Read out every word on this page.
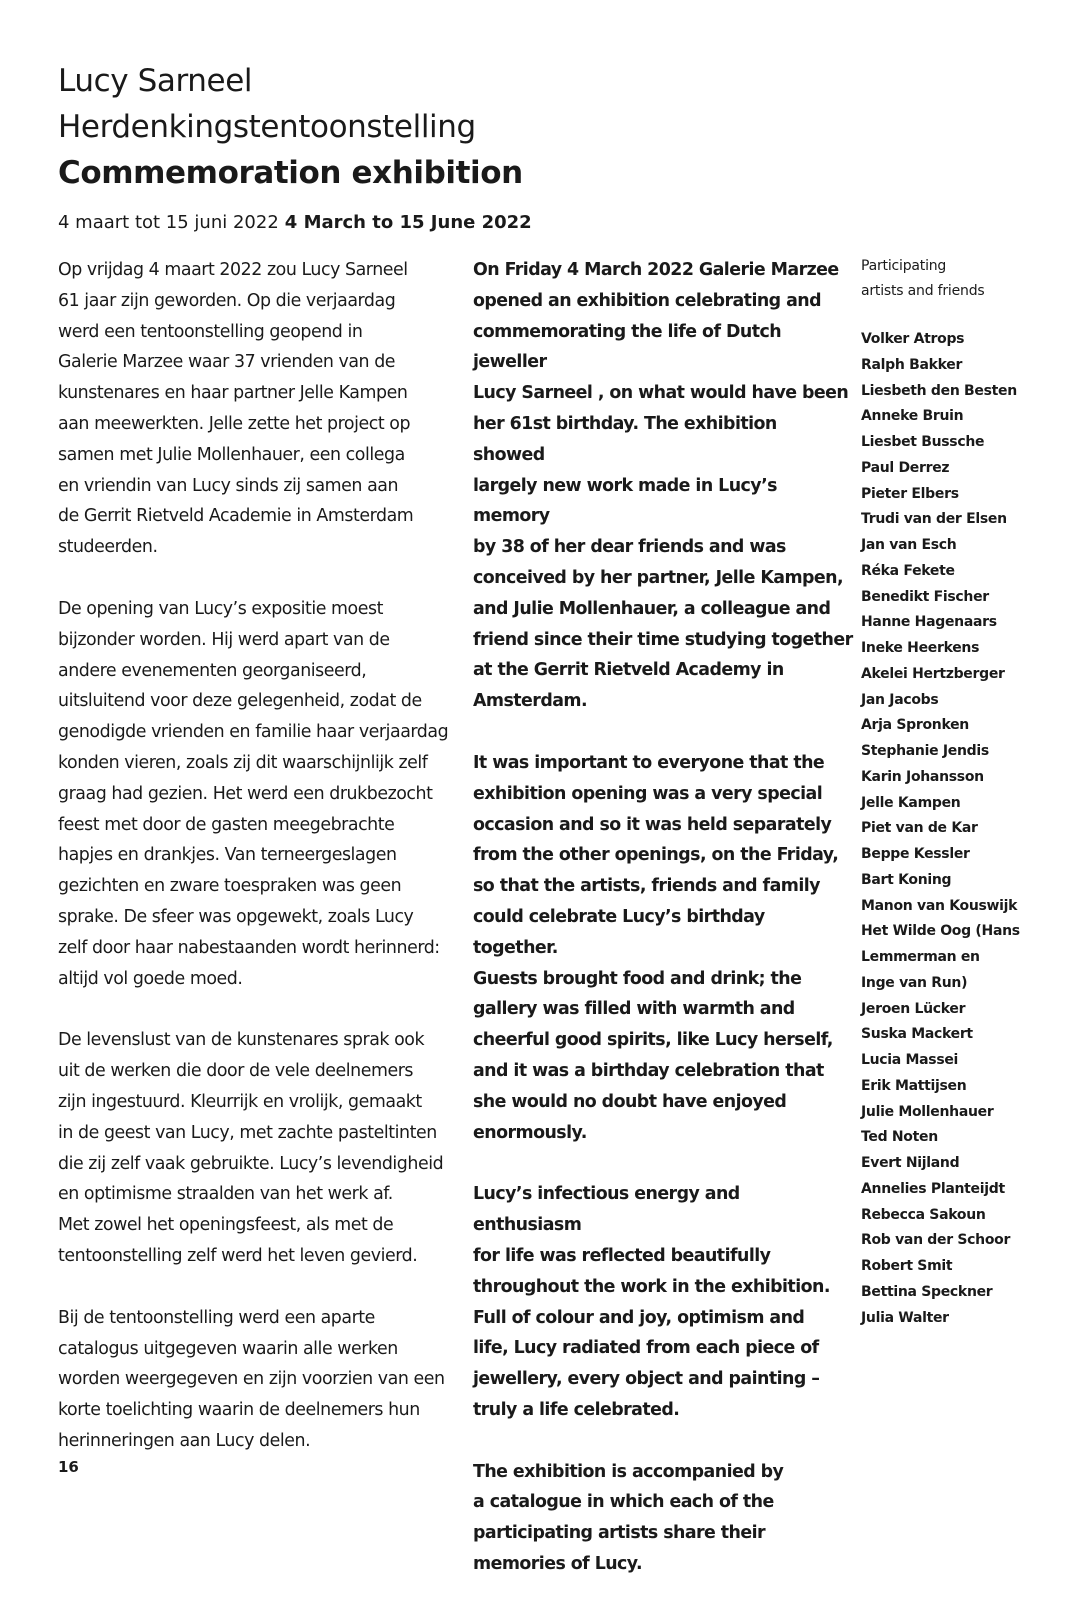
Lucy Sarneel
Herdenkingstentoonstelling
Commemoration exhibition
4 maart tot 15 juni 2022 4 March to 15 June 2022

Op vrijdag 4 maart 2022 zou Lucy Sarneel
61 jaar zijn geworden. Op die verjaardag
werd een tentoonstelling geopend in
Galerie Marzee waar 37 vrienden van de
kunstenares en haar partner Jelle Kampen
aan meewerkten. Jelle zette het project op
samen met Julie Mollenhauer, een collega
en vriendin van Lucy sinds zij samen aan
de Gerrit Rietveld Academie in Amsterdam
studeerden.

De opening van Lucy’s expositie moest
bijzonder worden. Hij werd apart van de
andere evenementen georganiseerd,
uitsluitend voor deze gelegenheid, zodat de
genodigde vrienden en familie haar verjaardag
konden vieren, zoals zij dit waarschijnlijk zelf
graag had gezien. Het werd een drukbezocht
feest met door de gasten meegebrachte
hapjes en drankjes. Van terneergeslagen
gezichten en zware toespraken was geen
sprake. De sfeer was opgewekt, zoals Lucy
zelf door haar nabestaanden wordt herinnerd:
altijd vol goede moed.

De levenslust van de kunstenares sprak ook
uit de werken die door de vele deelnemers
zijn ingestuurd. Kleurrijk en vrolijk, gemaakt
in de geest van Lucy, met zachte pasteltinten
die zij zelf vaak gebruikte. Lucy’s levendigheid
en optimisme straalden van het werk af.
Met zowel het openingsfeest, als met de
tentoonstelling zelf werd het leven gevierd.

Bij de tentoonstelling werd een aparte
catalogus uitgegeven waarin alle werken
worden weergegeven en zijn voorzien van een
korte toelichting waarin de deelnemers hun
herinneringen aan Lucy delen.

On Friday 4 March 2022 Galerie Marzee
opened an exhibition celebrating and
commemorating the life of Dutch jeweller
Lucy Sarneel , on what would have been
her 61st birthday. The exhibition showed
largely new work made in Lucy’s memory
by 38 of her dear friends and was
conceived by her partner, Jelle Kampen,
and Julie Mollenhauer, a colleague and
friend since their time studying together
at the Gerrit Rietveld Academy in
Amsterdam.

It was important to everyone that the
exhibition opening was a very special
occasion and so it was held separately
from the other openings, on the Friday,
so that the artists, friends and family
could celebrate Lucy’s birthday together.
Guests brought food and drink; the
gallery was filled with warmth and
cheerful good spirits, like Lucy herself,
and it was a birthday celebration that
she would no doubt have enjoyed
enormously.

Lucy’s infectious energy and enthusiasm
for life was reflected beautifully
throughout the work in the exhibition.
Full of colour and joy, optimism and
life, Lucy radiated from each piece of
jewellery, every object and painting –
truly a life celebrated.

The exhibition is accompanied by
a catalogue in which each of the
participating artists share their
memories of Lucy.

Participating
artists and friends

Volker Atrops
Ralph Bakker
Liesbeth den Besten
Anneke Bruin
Liesbet Bussche
Paul Derrez
Pieter Elbers
Trudi van der Elsen
Jan van Esch
Réka Fekete
Benedikt Fischer
Hanne Hagenaars
Ineke Heerkens
Akelei Hertzberger
Jan Jacobs
Arja Spronken
Stephanie Jendis
Karin Johansson
Jelle Kampen
Piet van de Kar
Beppe Kessler
Bart Koning
Manon van Kouswijk
Het Wilde Oog (Hans
Lemmerman en
Inge van Run)
Jeroen Lücker
Suska Mackert
Lucia Massei
Erik Mattijsen
Julie Mollenhauer
Ted Noten
Evert Nijland
Annelies Planteijdt
Rebecca Sakoun
Rob van der Schoor
Robert Smit
Bettina Speckner
Julia Walter
16
